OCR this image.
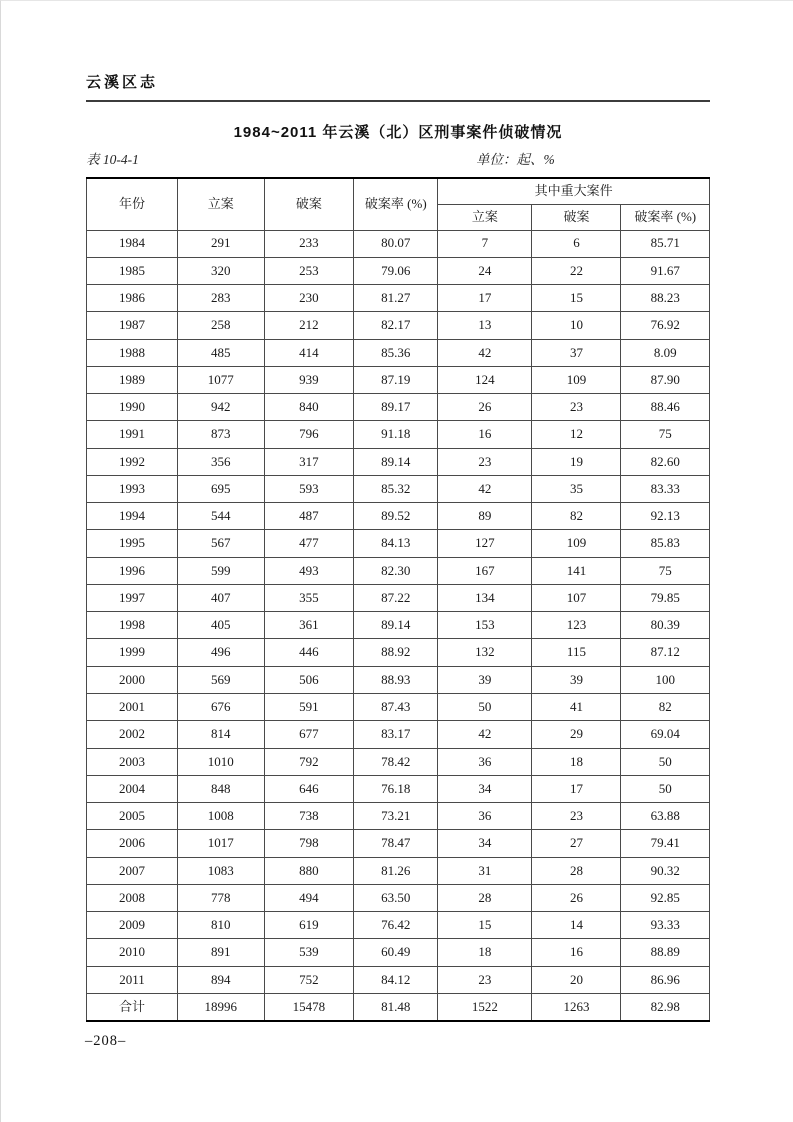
云溪区志
1984~2011 年云溪（北）区刑事案件侦破情况
表 10-4-1	单位：起、%
年份	立案	破案	破案率 (%)	其中重大案件		
				立案	破案	破案率 (%)
1984	291	233	80.07	7	6	85.71
1985	320	253	79.06	24	22	91.67
1986	283	230	81.27	17	15	88.23
1987	258	212	82.17	13	10	76.92
1988	485	414	85.36	42	37	8.09
1989	1077	939	87.19	124	109	87.90
1990	942	840	89.17	26	23	88.46
1991	873	796	91.18	16	12	75
1992	356	317	89.14	23	19	82.60
1993	695	593	85.32	42	35	83.33
1994	544	487	89.52	89	82	92.13
1995	567	477	84.13	127	109	85.83
1996	599	493	82.30	167	141	75
1997	407	355	87.22	134	107	79.85
1998	405	361	89.14	153	123	80.39
1999	496	446	88.92	132	115	87.12
2000	569	506	88.93	39	39	100
2001	676	591	87.43	50	41	82
2002	814	677	83.17	42	29	69.04
2003	1010	792	78.42	36	18	50
2004	848	646	76.18	34	17	50
2005	1008	738	73.21	36	23	63.88
2006	1017	798	78.47	34	27	79.41
2007	1083	880	81.26	31	28	90.32
2008	778	494	63.50	28	26	92.85
2009	810	619	76.42	15	14	93.33
2010	891	539	60.49	18	16	88.89
2011	894	752	84.12	23	20	86.96
合计	18996	15478	81.48	1522	1263	82.98
–208–
